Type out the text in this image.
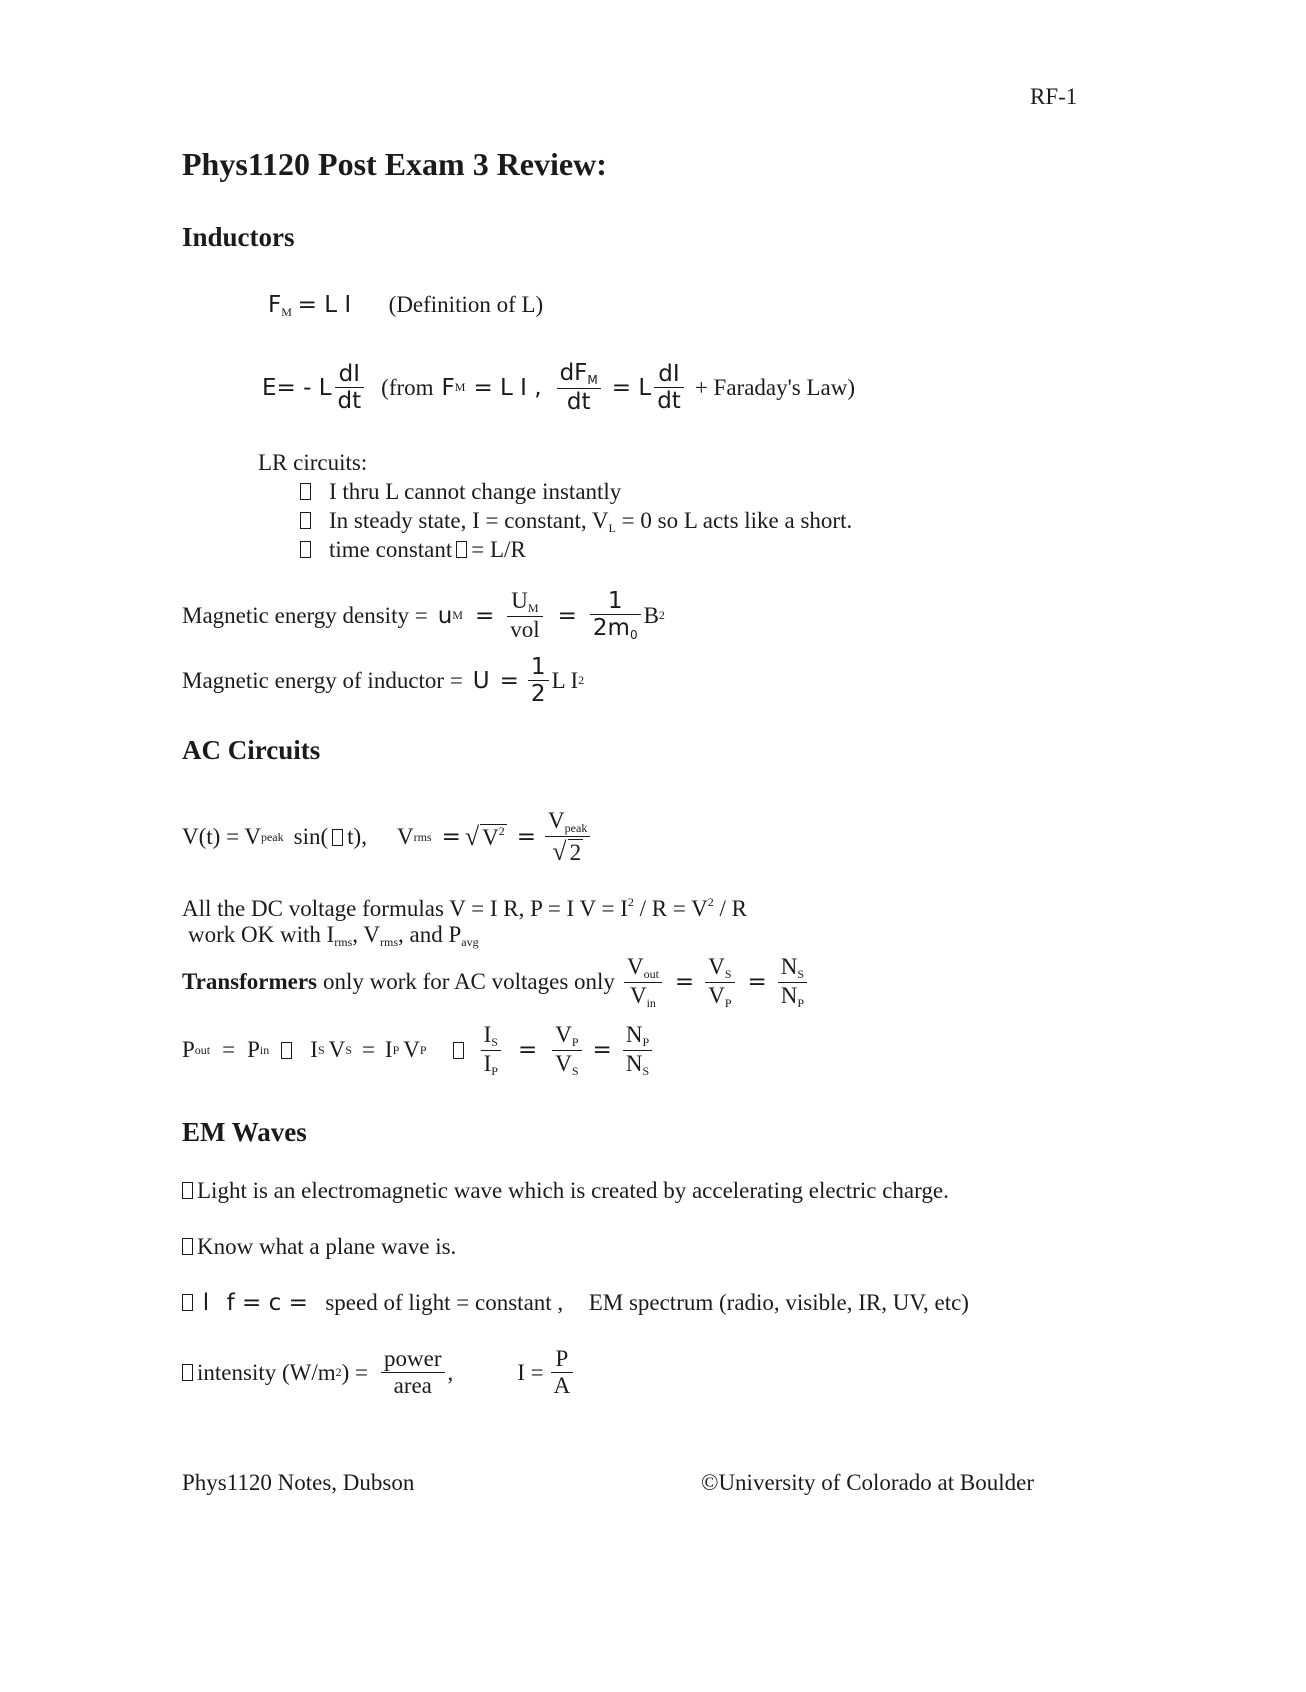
RF-1
Phys1120 Post Exam 3 Review:
Inductors
$F_M = L$ I (Definition of L)
E= - L $\frac{dI}{dt}$ (from F M = L I , $\frac{dF_M}{dt} = L \frac{dI}{dt}$ + Faraday's Law)
LR circuits:
I thru L cannot change instantly
In steady state, I = constant, $V_L = 0$ so L acts like a short.
time constant = L/R
Magnetic energy density = u $M = \frac{U_M}{\text{vol}} = \frac{1}{2m_0}$ B 2
Magnetic energy of inductor = $U = \frac{1}{2}$ L I 2
AC Circuits
V(t) = V peak sin( t), V rms = √ $V^2 = \frac{V_{peak}}{√ 2}$
All the DC voltage formulas V = I R, P = I $V = I^2 / R = V^2 / R$
work OK with $I_{rms}$, $V_{rms}$, and $P_{avg}$
Transformers only work for AC voltages only $\frac{V_{out}}{V_{in}} = \frac{V_S}{V_P} = \frac{N_S}{N_P}$
P out = P in I S V S = I P V P $\frac{I_S}{I_P} = \frac{V_P}{V_S} = \frac{N_P}{N_S}$
EM Waves
Light is an electromagnetic wave which is created by accelerating electric charge.
Know what a plane wave is.
l f = c = speed of light = constant , EM spectrum (radio, visible, IR, UV, etc)
intensity (W/m 2 ) = $\frac{\text{power}}{\text{area}}$ ,	$I = \frac{P}{A}$
Phys1120 Notes, Dubson	©University of Colorado at Boulder
